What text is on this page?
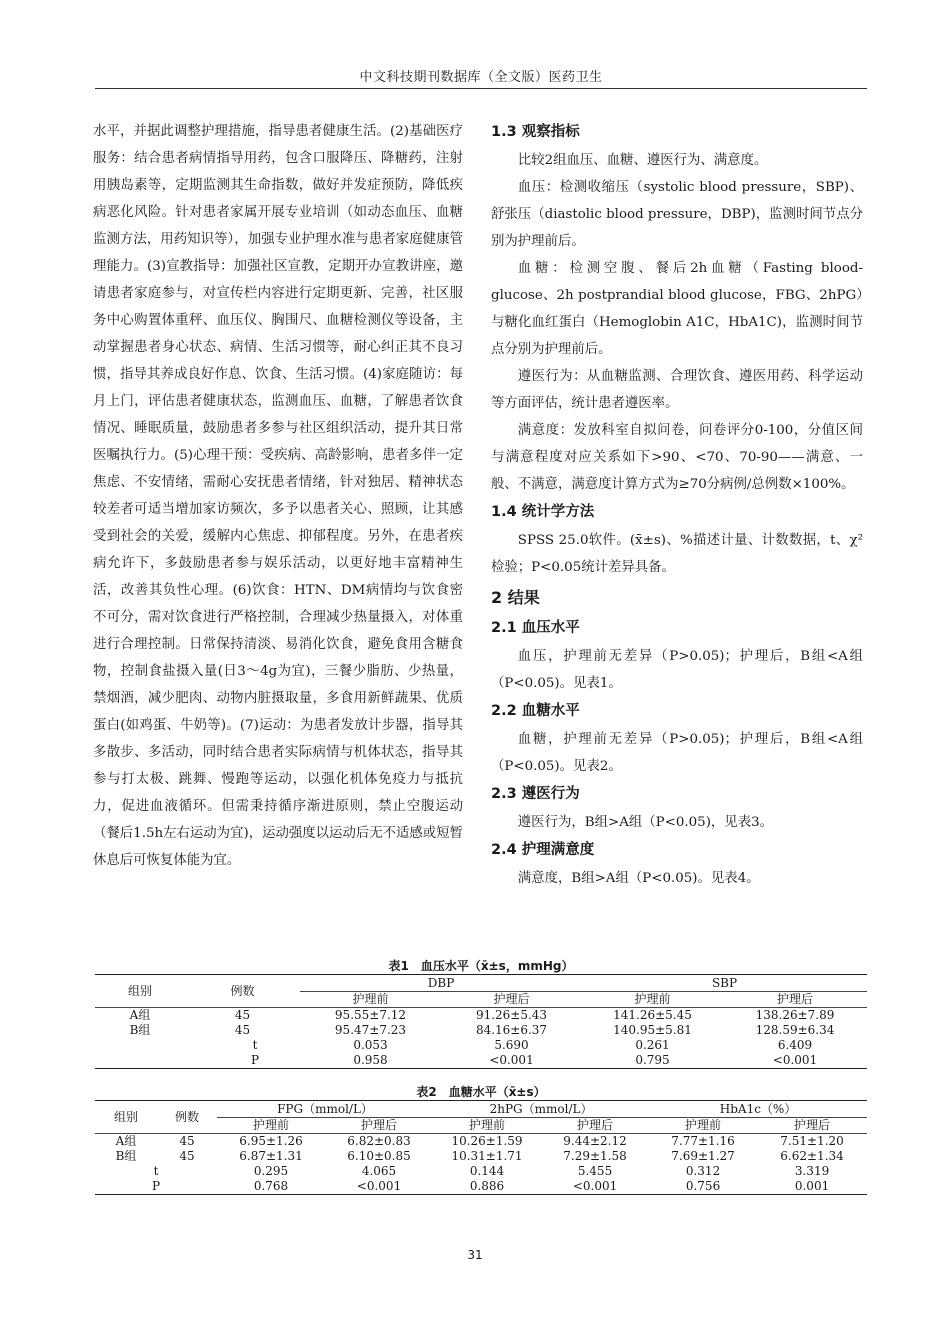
中文科技期刊数据库（全文版）医药卫生

水平，并据此调整护理措施，指导患者健康生活。(2)基础医疗服务：结合患者病情指导用药，包含口服降压、降糖药，注射用胰岛素等，定期监测其生命指数，做好并发症预防，降低疾病恶化风险。针对患者家属开展专业培训（如动态血压、血糖监测方法，用药知识等），加强专业护理水准与患者家庭健康管理能力。(3)宣教指导：加强社区宣教，定期开办宣教讲座，邀请患者家庭参与，对宣传栏内容进行定期更新、完善，社区服务中心购置体重秤、血压仪、胸围尺、血糖检测仪等设备，主动掌握患者身心状态、病情、生活习惯等，耐心纠正其不良习惯，指导其养成良好作息、饮食、生活习惯。(4)家庭随访：每月上门，评估患者健康状态，监测血压、血糖，了解患者饮食情况、睡眠质量，鼓励患者多参与社区组织活动，提升其日常医嘱执行力。(5)心理干预：受疾病、高龄影响，患者多伴一定焦虑、不安情绪，需耐心安抚患者情绪，针对独居、精神状态较差者可适当增加家访频次，多予以患者关心、照顾，让其感受到社会的关爱，缓解内心焦虑、抑郁程度。另外，在患者疾病允许下，多鼓励患者参与娱乐活动，以更好地丰富精神生活，改善其负性心理。(6)饮食：HTN、DM病情均与饮食密不可分，需对饮食进行严格控制，合理减少热量摄入，对体重进行合理控制。日常保持清淡、易消化饮食，避免食用含糖食物，控制食盐摄入量(日3～4g为宜)，三餐少脂肪、少热量，禁烟酒，减少肥肉、动物内脏摄取量，多食用新鲜蔬果、优质蛋白(如鸡蛋、牛奶等)。(7)运动：为患者发放计步器，指导其多散步、多活动，同时结合患者实际病情与机体状态，指导其参与打太极、跳舞、慢跑等运动，以强化机体免疫力与抵抗力，促进血液循环。但需秉持循序渐进原则，禁止空腹运动（餐后1.5h左右运动为宜)，运动强度以运动后无不适感或短暂休息后可恢复体能为宜。

1.3 观察指标

比较2组血压、血糖、遵医行为、满意度。

血压：检测收缩压（systolic blood pressure，SBP)、舒张压（diastolic blood pressure，DBP)，监测时间节点分别为护理前后。

血糖：检测空腹、餐后2h血糖（Fasting blood-glucose、2h postprandial blood glucose，FBG、2hPG）与糖化血红蛋白（Hemoglobin A1C，HbA1C)，监测时间节点分别为护理前后。

遵医行为：从血糖监测、合理饮食、遵医用药、科学运动等方面评估，统计患者遵医率。

满意度：发放科室自拟问卷，问卷评分0-100，分值区间与满意程度对应关系如下>90、<70、70-90——满意、一般、不满意，满意度计算方式为≥70分病例/总例数×100%。

1.4 统计学方法

SPSS 25.0软件。(x̄±s)、%描述计量、计数数据，t、χ²检验；P<0.05统计差异具备。

2 结果
2.1 血压水平

血压，护理前无差异（P>0.05)；护理后，B组<A组（P<0.05)。见表1。

2.2 血糖水平

血糖，护理前无差异（P>0.05)；护理后，B组<A组（P<0.05)。见表2。

2.3 遵医行为

遵医行为，B组>A组（P<0.05)，见表3。

2.4 护理满意度

满意度，B组>A组（P<0.05)。见表4。

表1　血压水平（x̄±s，mmHg）
组别	例数	DBP		SBP	
		护理前	护理后	护理前	护理后
A组	45	95.55±7.12	91.26±5.43	141.26±5.45	138.26±7.89
B组	45	95.47±7.23	84.16±6.37	140.95±5.81	128.59±6.34
t		0.053	5.690	0.261	6.409
P		0.958	<0.001	0.795	<0.001
表2　血糖水平（x̄±s）
组别	例数	FPG（mmol/L）		2hPG（mmol/L）		HbA1c（%）	
		护理前	护理后	护理前	护理后	护理前	护理后
A组	45	6.95±1.26	6.82±0.83	10.26±1.59	9.44±2.12	7.77±1.16	7.51±1.20
B组	45	6.87±1.31	6.10±0.85	10.31±1.71	7.29±1.58	7.69±1.27	6.62±1.34
t		0.295	4.065	0.144	5.455	0.312	3.319
P		0.768	<0.001	0.886	<0.001	0.756	0.001
31
